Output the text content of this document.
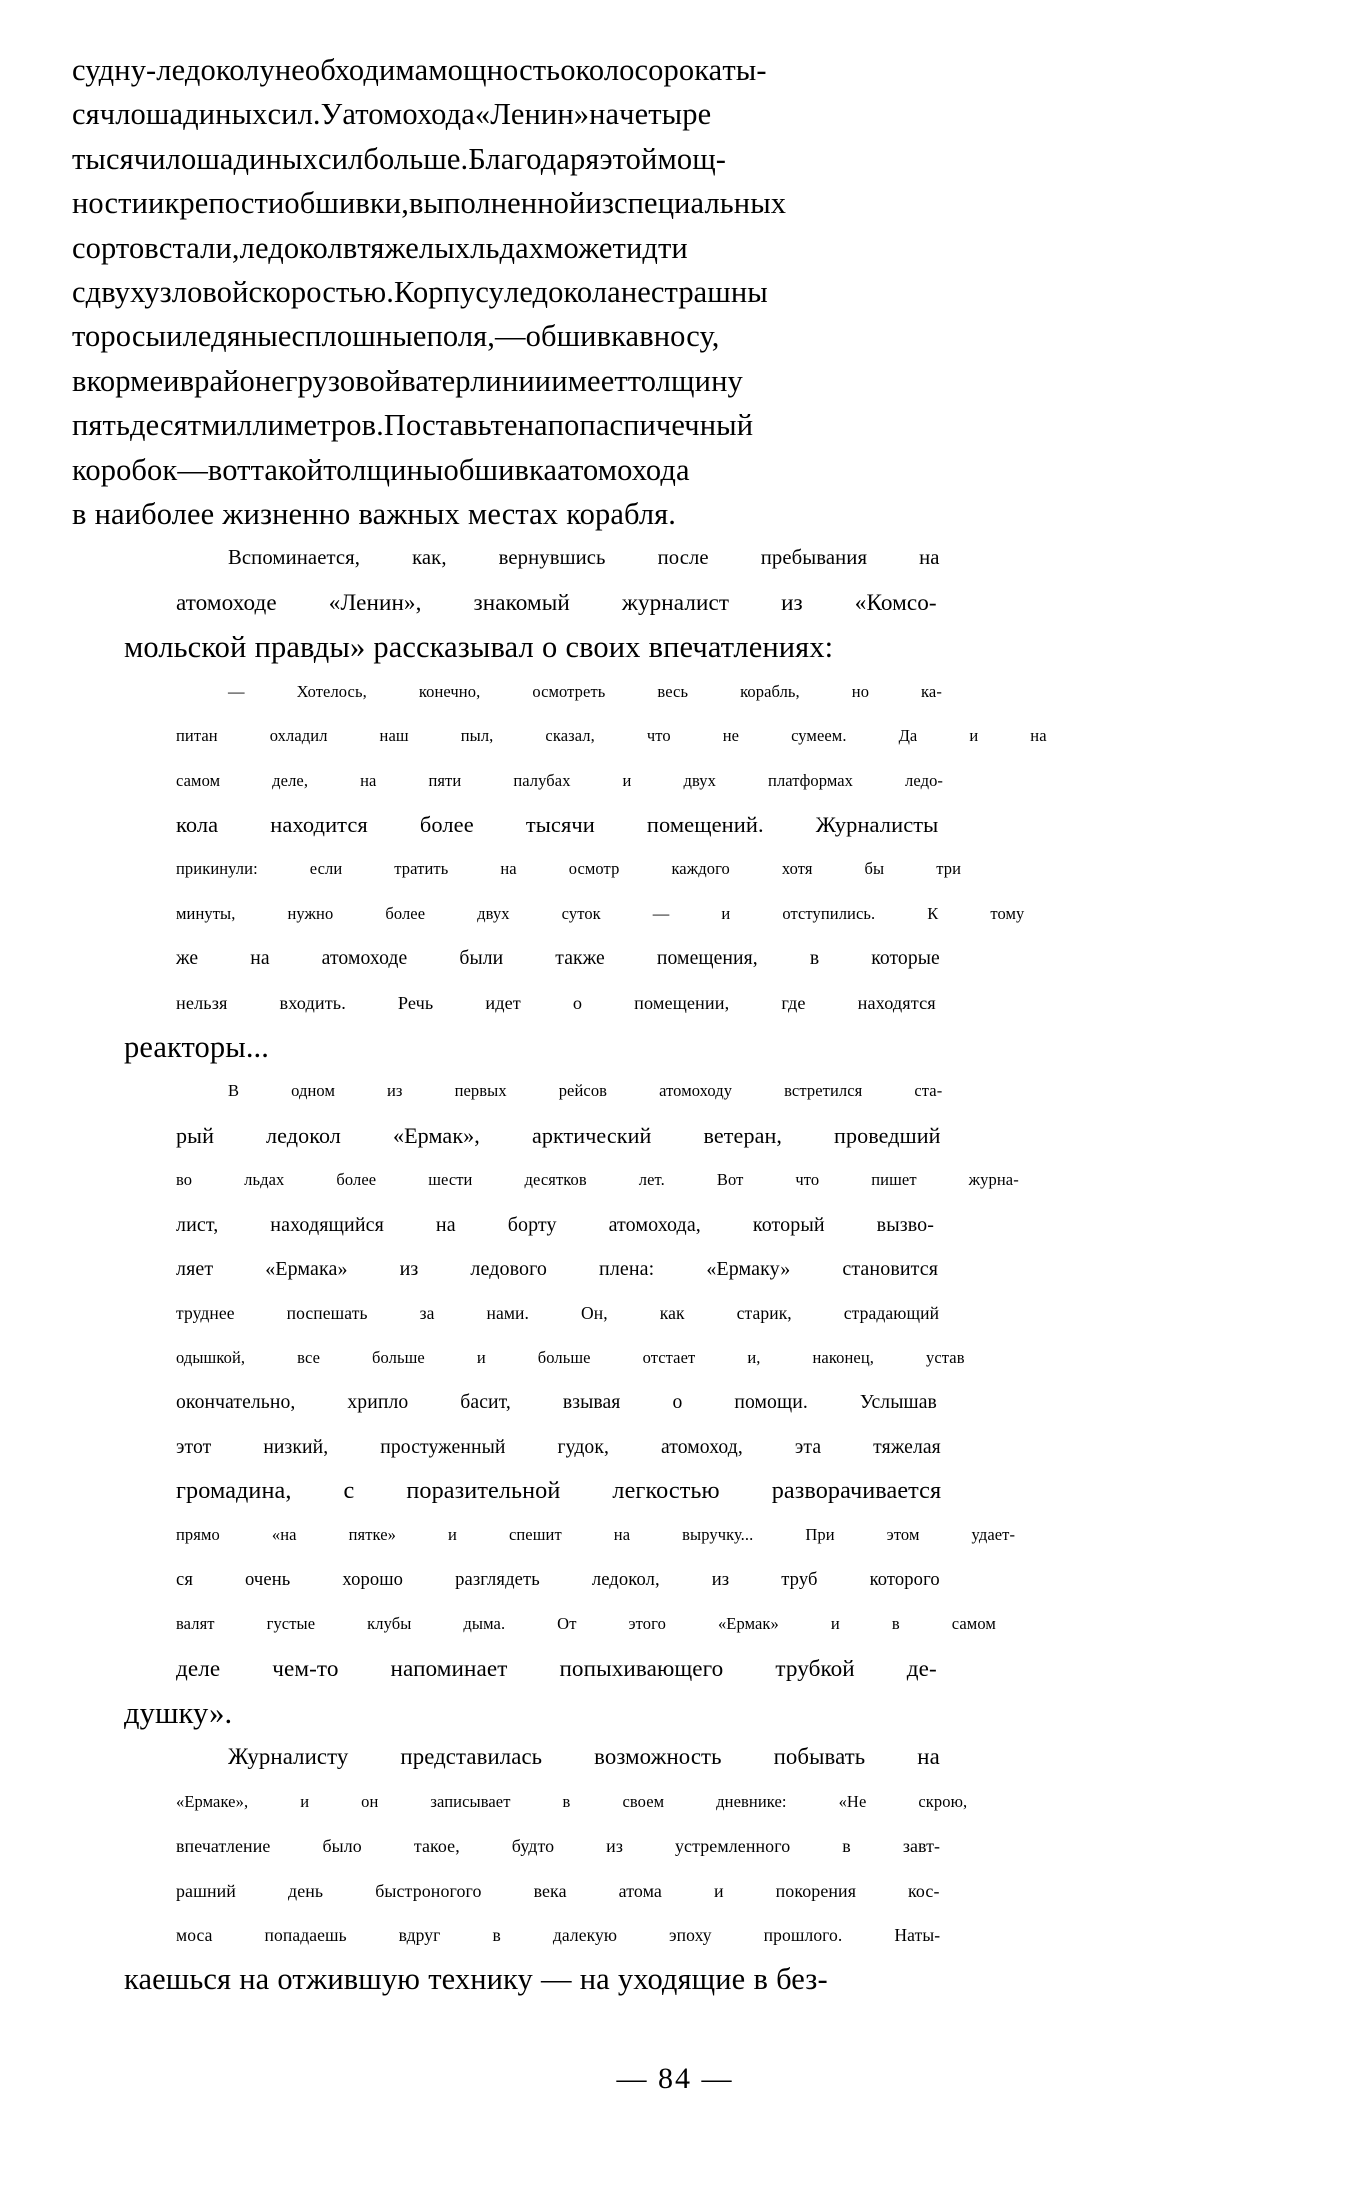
судну-ледоколунеобходимамощностьоколосорокаты-
сячлошадиныхсил.Уатомохода«Ленин»начетыре
тысячилошадиныхсилбольше.Благодаряэтоймощ-
ностиикрепостиобшивки,выполненнойизспециальных
сортовстали,ледоколвтяжелыхльдахможетидти
сдвухузловойскоростью.Корпусуледоколанестрашны
торосыиледяныесплошныеполя,—обшивкавносу,
вкормеиврайонегрузовойватерлинииимееттолщину
пятьдесятмиллиметров.Поставьтенапопаспичечный
коробок—воттакойтолщиныобшивкаатомохода
в наиболее жизненно важных местах корабля.
Вспоминается,	как,	вернувшись	после	пребывания	на
атомоходе «Ленин», знакомый журналист из «Комсо-
мольской правды» рассказывал о своих впечатлениях:
—	Хотелось,	конечно,	осмотреть	весь	корабль,	но	ка-
питан	охладил	наш	пыл,	сказал,	что	не	сумеем.	Да	и	на
самом	деле,	на	пяти	палубах	и	двух	платформах	ледо-
кола находится более тысячи помещений. Журналисты
прикинули:	если	тратить	на	осмотр	каждого	хотя	бы	три
минуты,	нужно	более	двух	суток	—	и	отступились.	К	тому
же	на	атомоходе	были	также	помещения,	в	которые
нельзя	входить.	Речь	идет	о	помещении,	где	находятся
реакторы...
В	одном	из	первых	рейсов	атомоходу	встретился	ста-
рый ледокол «Ермак», арктический ветеран, проведший
во	льдах	более	шести	десятков	лет.	Вот	что	пишет	журна-
лист,	находящийся	на	борту	атомохода,	который	вызво-
ляет	«Ермака»	из	ледового	плена:	«Ермаку»	становится
труднее	поспешать	за	нами.	Он,	как	старик,	страдающий
одышкой,	все	больше	и	больше	отстает	и,	наконец,	устав
окончательно,	хрипло	басит,	взывая	о	помощи.	Услышав
этот	низкий,	простуженный	гудок,	атомоход,	эта	тяжелая
громадина, с поразительной легкостью разворачивается
прямо	«на	пятке»	и	спешит	на	выручку...	При	этом	удает-
ся	очень	хорошо	разглядеть	ледокол,	из	труб	которого
валят	густые	клубы	дыма.	От	этого	«Ермак»	и	в	самом
деле чем-то напоминает попыхивающего трубкой де-
душку».
Журналисту представилась возможность побывать на
«Ермаке»,	и	он	записывает	в	своем	дневнике:	«Не	скрою,
впечатление	было	такое,	будто	из	устремленного	в	завт-
рашний	день	быстроногого	века	атома	и	покорения	кос-
моса	попадаешь	вдруг	в	далекую	эпоху	прошлого.	Наты-
каешься на отжившую технику — на уходящие в без-
— 84 —
